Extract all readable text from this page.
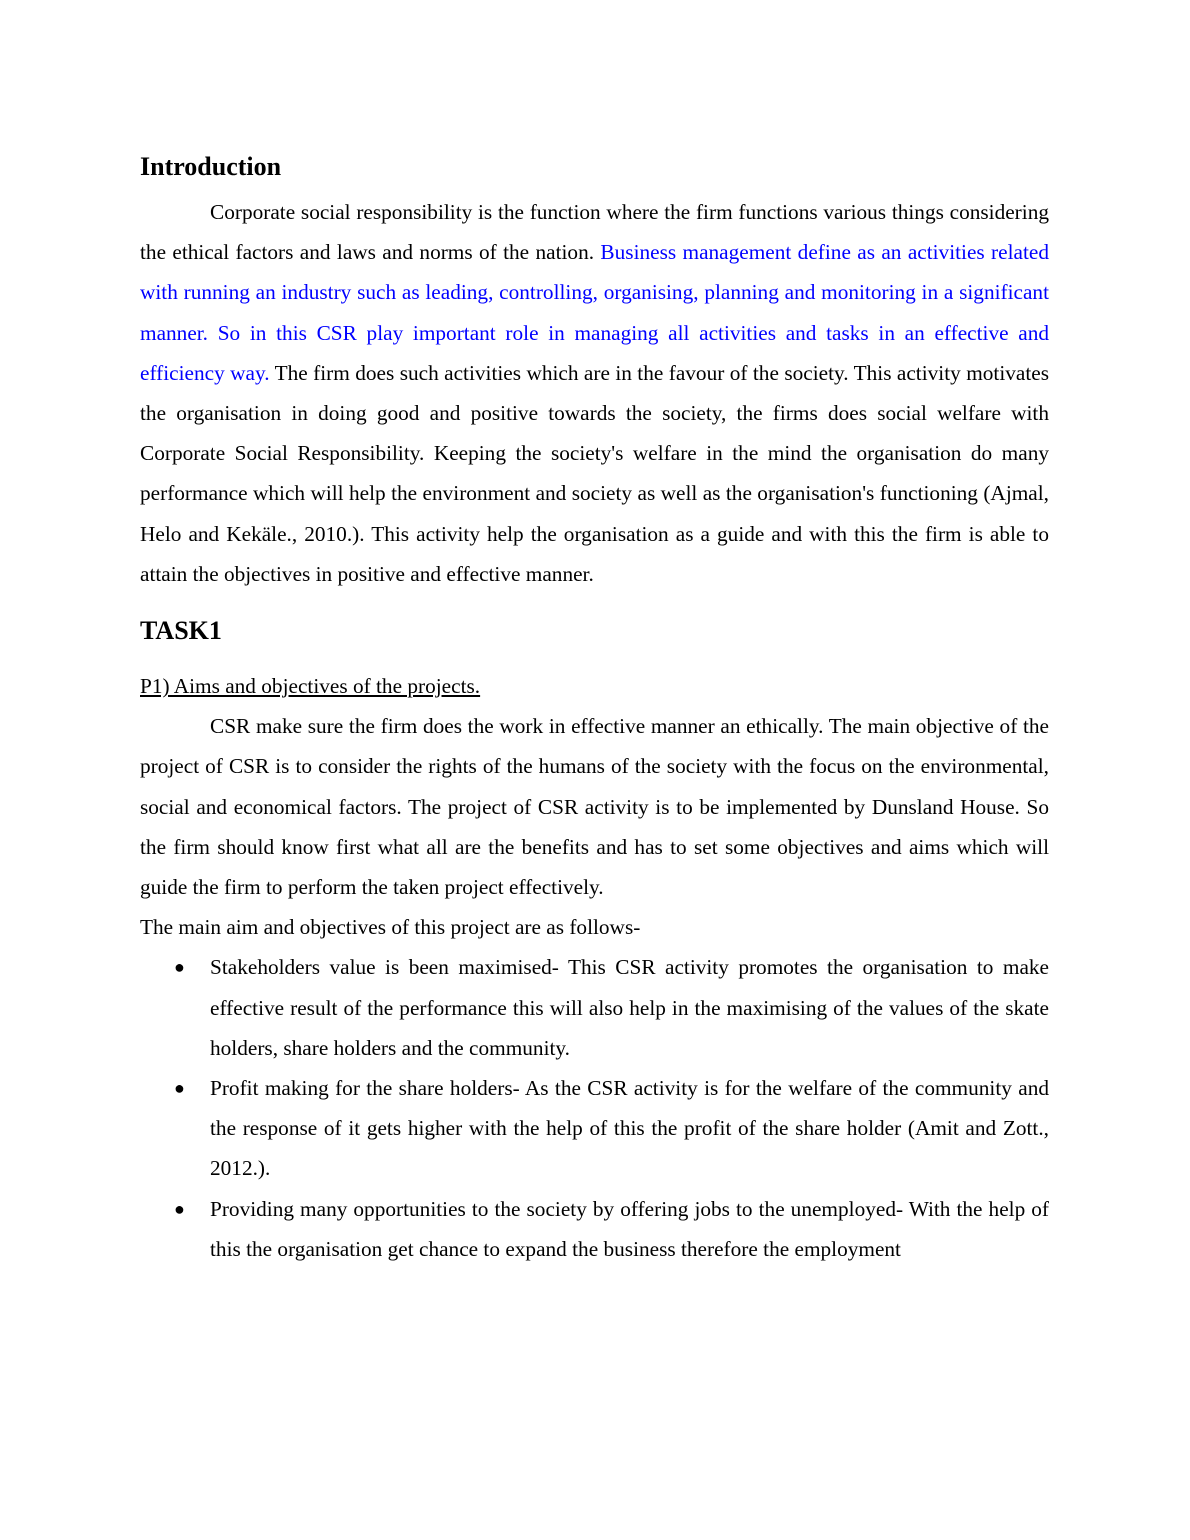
Introduction

Corporate social responsibility is the function where the firm functions various things considering the ethical factors and laws and norms of the nation. Business management define as an activities related with running an industry such as leading, controlling, organising, planning and monitoring in a significant manner. So in this CSR play important role in managing all activities and tasks in an effective and efficiency way. The firm does such activities which are in the favour of the society. This activity motivates the organisation in doing good and positive towards the society, the firms does social welfare with Corporate Social Responsibility. Keeping the society's welfare in the mind the organisation do many performance which will help the environment and society as well as the organisation's functioning (Ajmal, Helo and Kekäle., 2010.). This activity help the organisation as a guide and with this the firm is able to attain the objectives in positive and effective manner.

TASK1

P1) Aims and objectives of the projects.

CSR make sure the firm does the work in effective manner an ethically. The main objective of the project of CSR is to consider the rights of the humans of the society with the focus on the environmental, social and economical factors. The project of CSR activity is to be implemented by Dunsland House. So the firm should know first what all are the benefits and has to set some objectives and aims which will guide the firm to perform the taken project effectively.

The main aim and objectives of this project are as follows-

● Stakeholders value is been maximised- This CSR activity promotes the organisation to make effective result of the performance this will also help in the maximising of the values of the skate holders, share holders and the community.
● Profit making for the share holders- As the CSR activity is for the welfare of the community and the response of it gets higher with the help of this the profit of the share holder (Amit and Zott., 2012.).
● Providing many opportunities to the society by offering jobs to the unemployed- With the help of this the organisation get chance to expand the business therefore the employment
